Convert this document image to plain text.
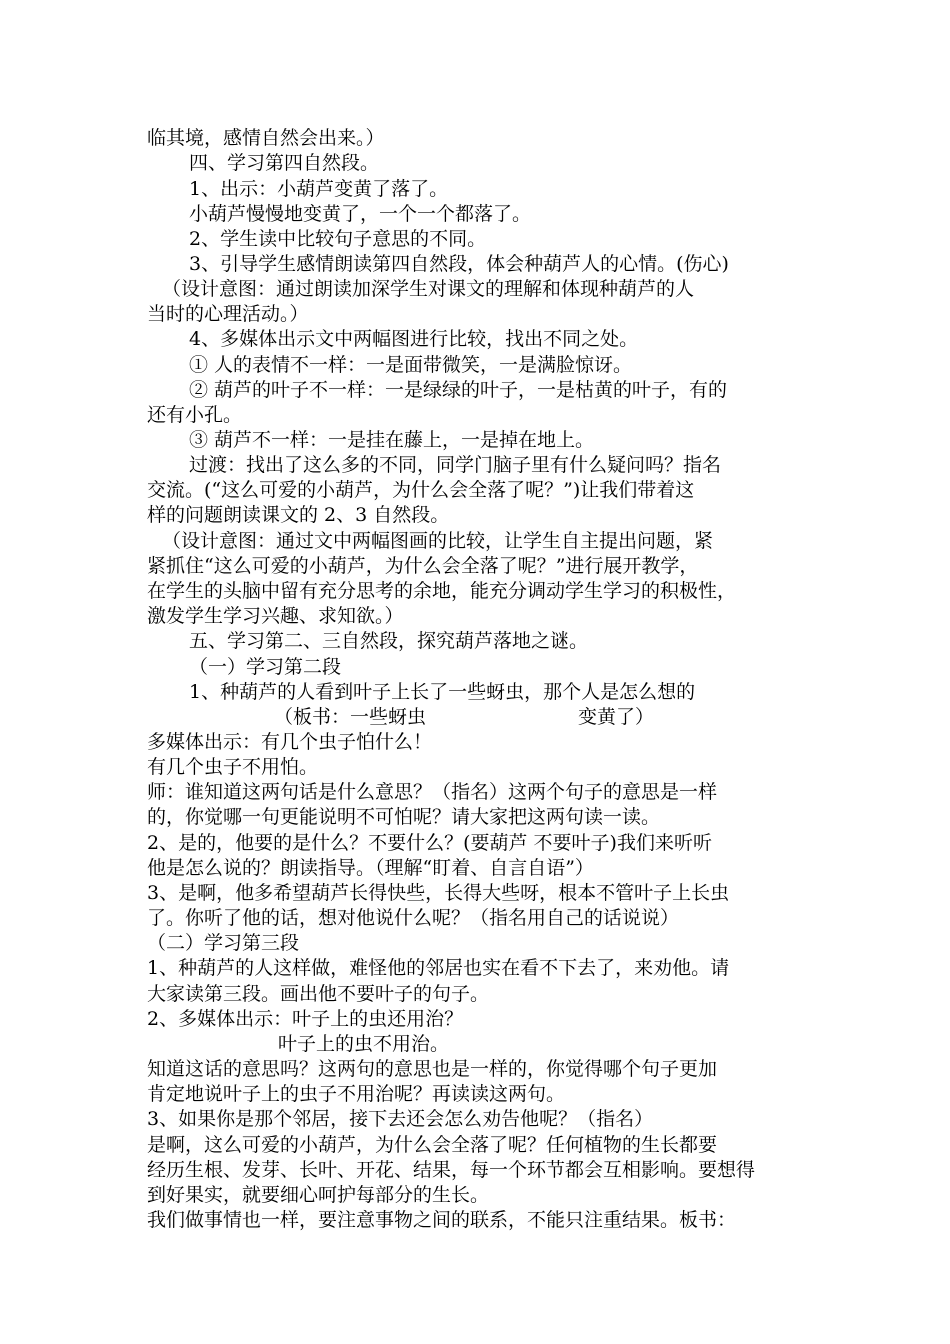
临其境，感情自然会出来。）
四、学习第四自然段。
1、出示：小葫芦变黄了落了。
小葫芦慢慢地变黄了，一个一个都落了。
2、学生读中比较句子意思的不同。
3、引导学生感情朗读第四自然段，体会种葫芦人的心情。(伤心)
（设计意图：通过朗读加深学生对课文的理解和体现种葫芦的人
当时的心理活动。）
4、多媒体出示文中两幅图进行比较，找出不同之处。
① 人的表情不一样：一是面带微笑，一是满脸惊讶。
② 葫芦的叶子不一样：一是绿绿的叶子，一是枯黄的叶子，有的
还有小孔。
③ 葫芦不一样：一是挂在藤上，一是掉在地上。
过渡：找出了这么多的不同，同学门脑子里有什么疑问吗？指名
交流。(“这么可爱的小葫芦，为什么会全落了呢？”)让我们带着这
样的问题朗读课文的 2、3 自然段。
（设计意图：通过文中两幅图画的比较，让学生自主提出问题，紧
紧抓住“这么可爱的小葫芦，为什么会全落了呢？”进行展开教学，
在学生的头脑中留有充分思考的余地，能充分调动学生学习的积极性，
激发学生学习兴趣、求知欲。）
五、学习第二、三自然段，探究葫芦落地之谜。
（一）学习第二段
1、种葫芦的人看到叶子上长了一些蚜虫，那个人是怎么想的
（板书：一些蚜虫	变黄了）
多媒体出示：有几个虫子怕什么！
有几个虫子不用怕。
师：谁知道这两句话是什么意思？（指名）这两个句子的意思是一样
的，你觉哪一句更能说明不可怕呢？请大家把这两句读一读。
2、是的，他要的是什么？不要什么？(要葫芦 不要叶子)我们来听听
他是怎么说的？朗读指导。（理解“盯着、自言自语”）
3、是啊，他多希望葫芦长得快些，长得大些呀，根本不管叶子上长虫
了。你听了他的话，想对他说什么呢？（指名用自己的话说说）
（二）学习第三段
1、种葫芦的人这样做，难怪他的邻居也实在看不下去了，来劝他。请
大家读第三段。画出他不要叶子的句子。
2、多媒体出示：叶子上的虫还用治？
叶子上的虫不用治。
知道这话的意思吗？这两句的意思也是一样的，你觉得哪个句子更加
肯定地说叶子上的虫子不用治呢？再读读这两句。
3、如果你是那个邻居，接下去还会怎么劝告他呢？（指名）
是啊，这么可爱的小葫芦，为什么会全落了呢？任何植物的生长都要
经历生根、发芽、长叶、开花、结果，每一个环节都会互相影响。要想得
到好果实，就要细心呵护每部分的生长。
我们做事情也一样，要注意事物之间的联系，不能只注重结果。板书：
